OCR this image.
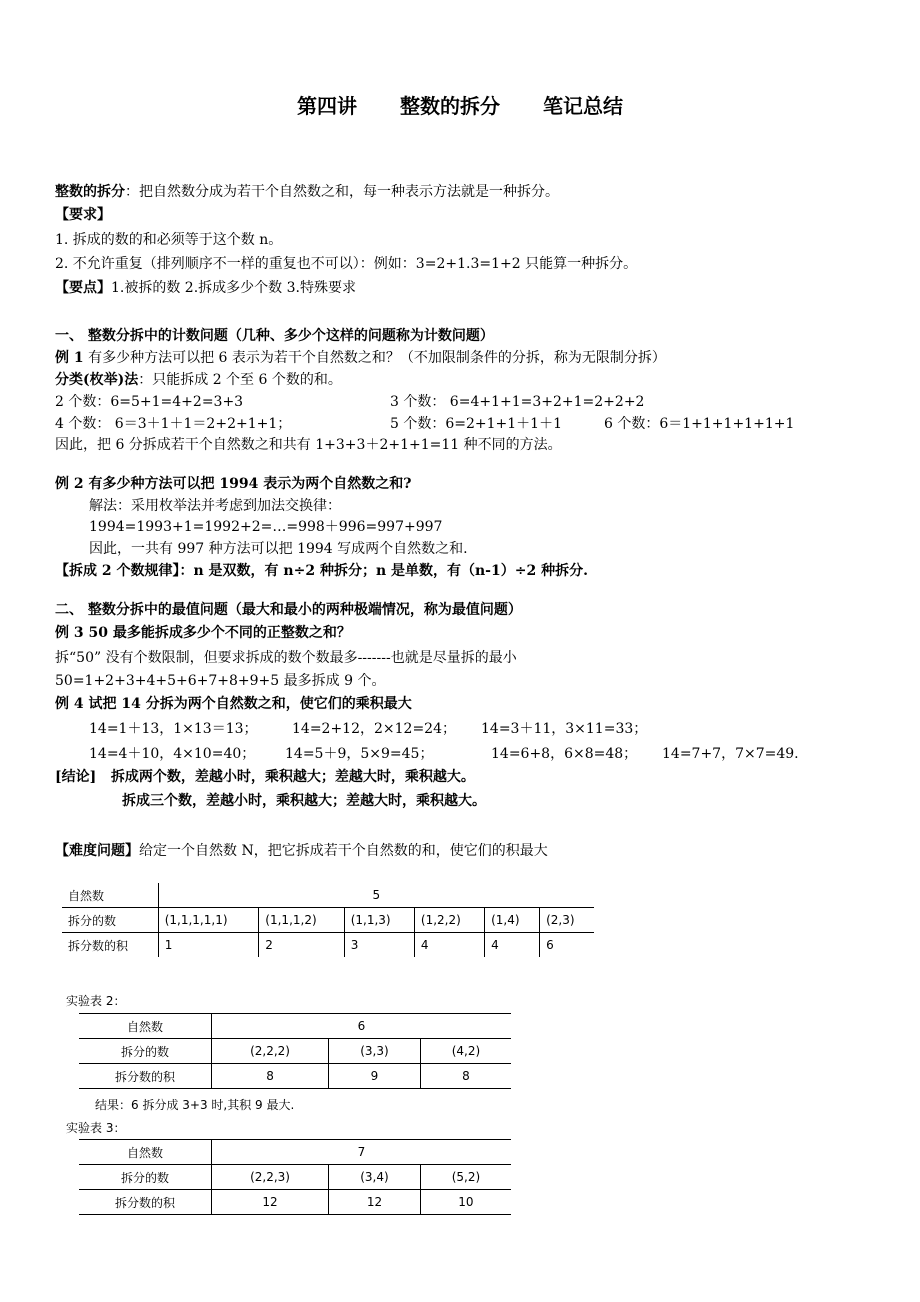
第四讲 整数的拆分 笔记总结
整数的拆分：把自然数分成为若干个自然数之和，每一种表示方法就是一种拆分。
【要求】
1. 拆成的数的和必须等于这个数 n。
2. 不允许重复（排列顺序不一样的重复也不可以）：例如：3=2+1.3=1+2 只能算一种拆分。
【要点】1.被拆的数 2.拆成多少个数 3.特殊要求
一、 整数分拆中的计数问题（几种、多少个这样的问题称为计数问题）
例 1 有多少种方法可以把 6 表示为若干个自然数之和？（不加限制条件的分拆，称为无限制分拆）
分类(枚举)法：只能拆成 2 个至 6 个数的和。
2 个数：6=5+1=4+2=3+3	3 个数： 6=4+1+1=3+2+1=2+2+2
4 个数： 6＝3＋1＋1＝2+2+1+1；	5 个数：6=2+1+1＋1＋1	6 个数：6＝1+1+1+1+1+1
因此，把 6 分拆成若干个自然数之和共有 1+3+3＋2+1+1=11 种不同的方法。
例 2 有多少种方法可以把 1994 表示为两个自然数之和?
解法：采用枚举法并考虑到加法交换律：
1994=1993+1=1992+2=…=998＋996=997+997
因此，一共有 997 种方法可以把 1994 写成两个自然数之和.
【拆成 2 个数规律】：n 是双数，有 n÷2 种拆分；n 是单数，有（n-1）÷2 种拆分.
二、 整数分拆中的最值问题（最大和最小的两种极端情况，称为最值问题）
例 3 50 最多能拆成多少个不同的正整数之和？
拆“50” 没有个数限制，但要求拆成的数个数最多-------也就是尽量拆的最小
50=1+2+3+4+5+6+7+8+9+5 最多拆成 9 个。
例 4 试把 14 分拆为两个自然数之和，使它们的乘积最大
14=1＋13，1×13＝13； 14=2+12，2×12=24； 14=3＋11，3×11=33；
14=4＋10，4×10=40； 14=5＋9，5×9=45；	14=6+8，6×8=48； 14=7+7，7×7=49.
[结论] 拆成两个数，差越小时，乘积越大；差越大时，乘积越大。
拆成三个数，差越小时，乘积越大；差越大时，乘积越大。
【难度问题】给定一个自然数 N，把它拆成若干个自然数的和，使它们的积最大
自然数	5					
拆分的数	(1,1,1,1,1)	(1,1,1,2)	(1,1,3)	(1,2,2)	(1,4)	(2,3)
拆分数的积	1	2	3	4	4	6
实验表 2：
自然数	6		
拆分的数	(2,2,2)	(3,3)	(4,2)
拆分数的积	8	9	8
结果：6 拆分成 3+3 时,其积 9 最大.
实验表 3：
自然数	7		
拆分的数	(2,2,3)	(3,4)	(5,2)
拆分数的积	12	12	10
